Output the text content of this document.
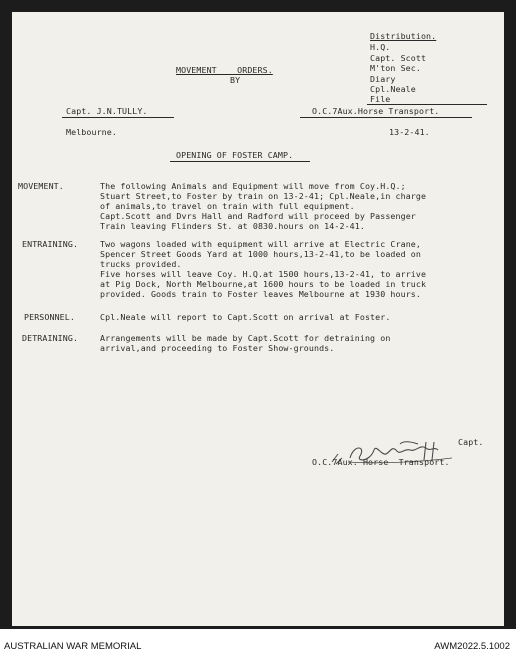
Distribution.
H.Q.
Capt. Scott
M'ton Sec.
Diary
Cpl.Neale
File
MOVEMENT    ORDERS.
BY
Capt. J.N.TULLY.	O.C.7Aux.Horse Transport.
Melbourne.	13-2-41.
OPENING OF FOSTER CAMP.
MOVEMENT.	The following Animals and Equipment will move from Coy.H.Q.;
Stuart Street,to Foster by train on 13-2-41; Cpl.Neale,in charge
of animals,to travel on train with full equipment.
Capt.Scott and Dvrs Hall and Radford will proceed by Passenger
Train leaving Flinders St. at 0830.hours on 14-2-41.
ENTRAINING.	Two wagons loaded with equipment will arrive at Electric Crane,
Spencer Street Goods Yard at 1000 hours,13-2-41,to be loaded on
trucks provided.
Five horses will leave Coy. H.Q.at 1500 hours,13-2-41, to arrive
at Pig Dock, North Melbourne,at 1600 hours to be loaded in truck
provided. Goods train to Foster leaves Melbourne at 1930 hours.
PERSONNEL.	Cpl.Neale will report to Capt.Scott on arrival at Foster.
DETRAINING.	Arrangements will be made by Capt.Scott for detraining on
arrival,and proceeding to Foster Show-grounds.
Capt.
O.C.7Aux. Horse  Transport.
AUSTRALIAN WAR MEMORIAL	AWM2022.5.1002
